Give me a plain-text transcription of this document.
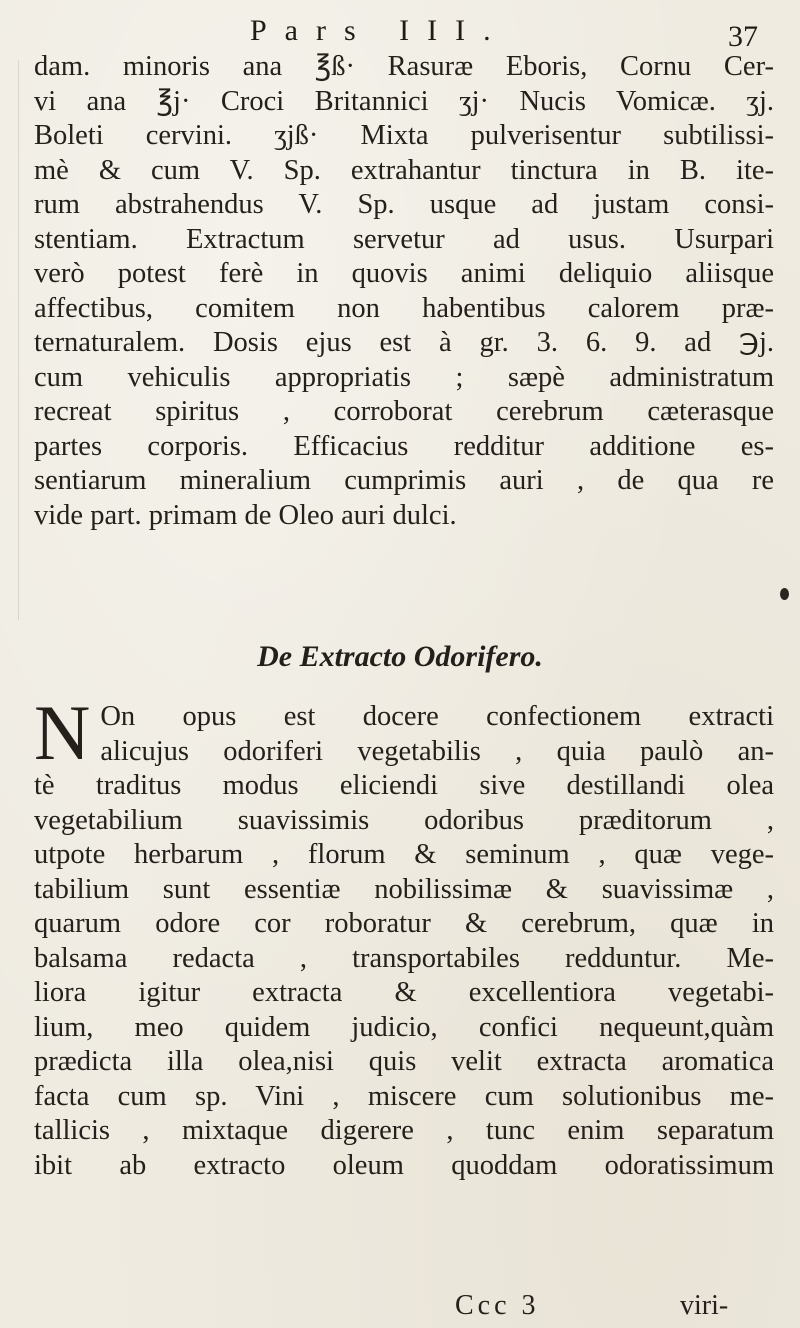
Pars III.	37
dam. minoris ana ℥ß· Rasuræ Eboris, Cornu Cer-
vi ana ℥j· Croci Britannici ʒj· Nucis Vomicæ. ʒj.
Boleti cervini. ʒjß· Mixta pulverisentur subtilissi-
mè & cum V. Sp. extrahantur tinctura in B. ite-
rum abstrahendus V. Sp. usque ad justam consi-
stentiam. Extractum servetur ad usus. Usurpari
verò potest ferè in quovis animi deliquio aliisque
affectibus, comitem non habentibus calorem præ-
ternaturalem. Dosis ejus est à gr. 3. 6. 9. ad ℈j.
cum vehiculis appropriatis ; sæpè administratum
recreat spiritus , corroborat cerebrum cæterasque
partes corporis. Efficacius redditur additione es-
sentiarum mineralium cumprimis auri , de qua re
vide part. primam de Oleo auri dulci.
De Extracto Odorifero.
N On opus est docere confectionem extracti
alicujus odoriferi vegetabilis , quia paulò an-
tè traditus modus eliciendi sive destillandi olea
vegetabilium suavissimis odoribus præditorum ,
utpote herbarum , florum & seminum , quæ vege-
tabilium sunt essentiæ nobilissimæ & suavissimæ ,
quarum odore cor roboratur & cerebrum, quæ in
balsama redacta , transportabiles redduntur. Me-
liora igitur extracta & excellentiora vegetabi-
lium, meo quidem judicio, confici nequeunt,quàm
prædicta illa olea,nisi quis velit extracta aromatica
facta cum sp. Vini , miscere cum solutionibus me-
tallicis , mixtaque digerere , tunc enim separatum
ibit ab extracto oleum quoddam odoratissimum
Ccc 3	viri-
